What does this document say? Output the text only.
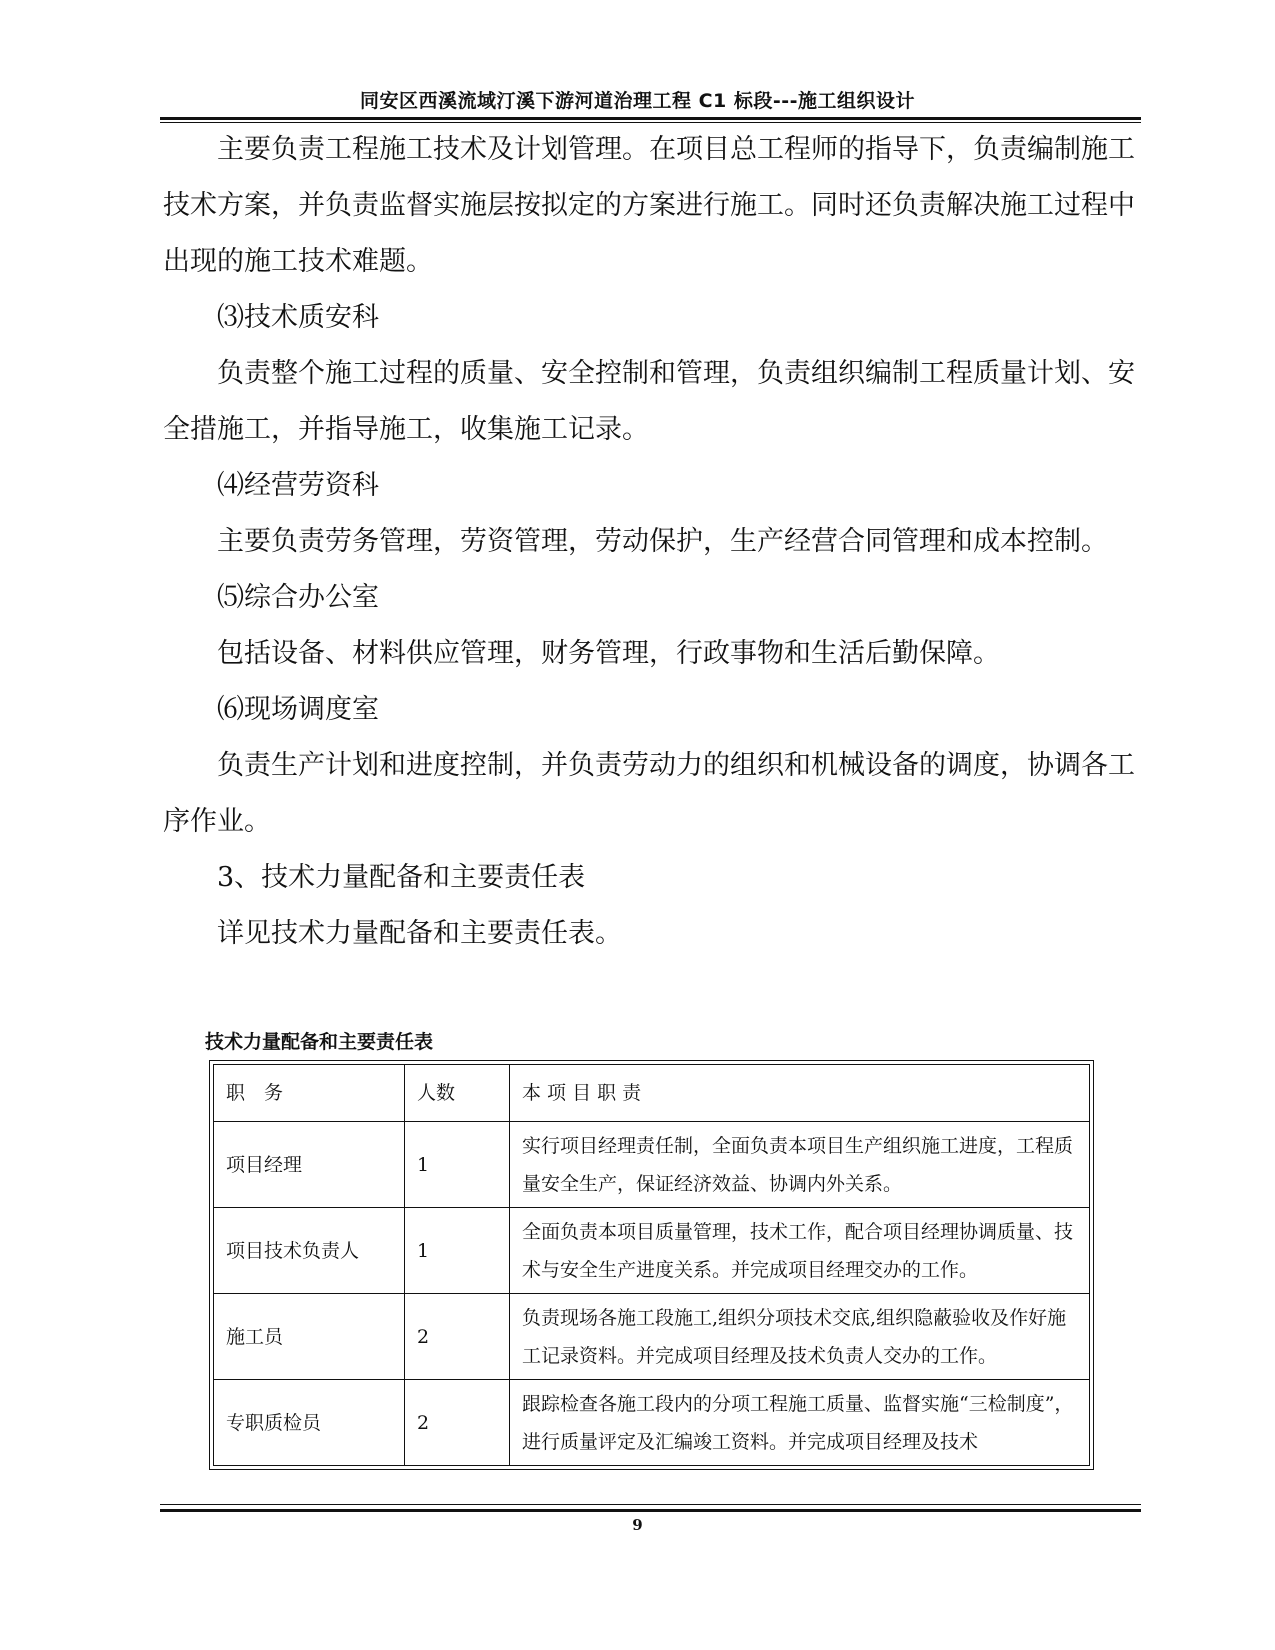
同安区西溪流域汀溪下游河道治理工程 C1 标段---施工组织设计

主要负责工程施工技术及计划管理。在项目总工程师的指导下，负责编制施工技术方案，并负责监督实施层按拟定的方案进行施工。同时还负责解决施工过程中出现的施工技术难题。

⑶技术质安科

负责整个施工过程的质量、安全控制和管理，负责组织编制工程质量计划、安全措施工，并指导施工，收集施工记录。

⑷经营劳资科

主要负责劳务管理，劳资管理，劳动保护，生产经营合同管理和成本控制。

⑸综合办公室

包括设备、材料供应管理，财务管理，行政事物和生活后勤保障。

⑹现场调度室

负责生产计划和进度控制，并负责劳动力的组织和机械设备的调度，协调各工序作业。

3、技术力量配备和主要责任表

详见技术力量配备和主要责任表。

技术力量配备和主要责任表
职　务	人数	本 项 目 职 责
项目经理	1	实行项目经理责任制，全面负责本项目生产组织施工进度，工程质量安全生产，保证经济效益、协调内外关系。
项目技术负责人	1	全面负责本项目质量管理，技术工作，配合项目经理协调质量、技术与安全生产进度关系。并完成项目经理交办的工作。
施工员	2	负责现场各施工段施工,组织分项技术交底,组织隐蔽验收及作好施工记录资料。并完成项目经理及技术负责人交办的工作。
专职质检员	2	跟踪检查各施工段内的分项工程施工质量、监督实施“三检制度”，进行质量评定及汇编竣工资料。并完成项目经理及技术
9
